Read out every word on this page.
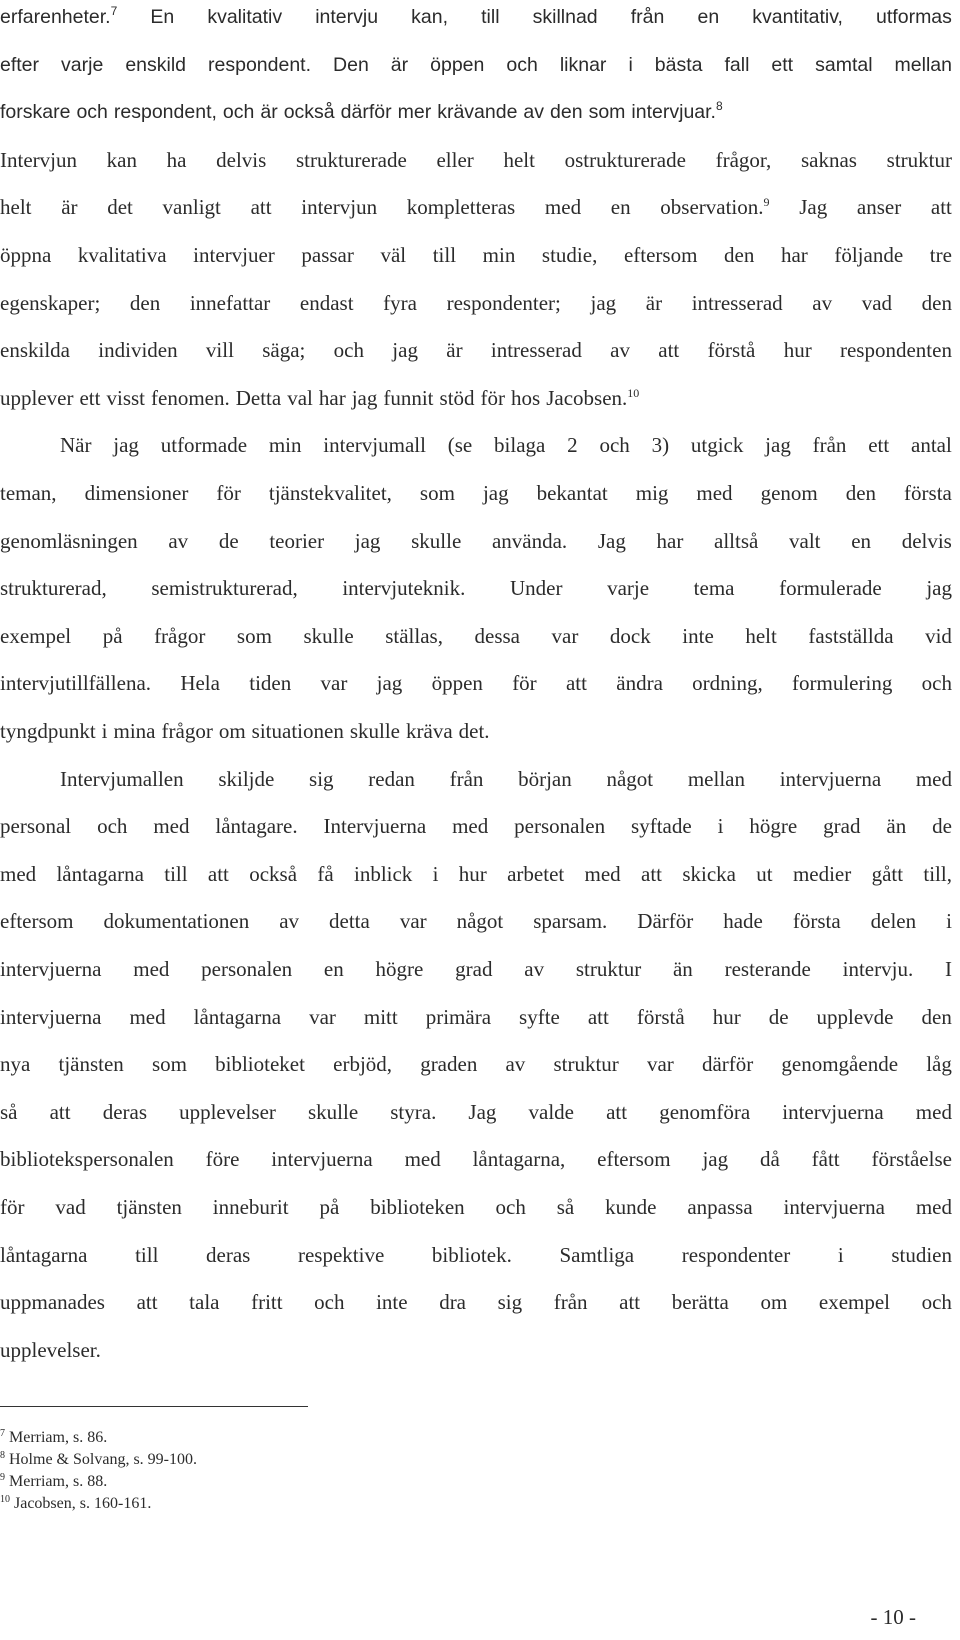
erfarenheter.$^7$ En kvalitativ intervju kan, till skillnad från en kvantitativ, utformas
efter varje enskild respondent. Den är öppen och liknar i bästa fall ett samtal mellan
forskare och respondent, och är också därför mer krävande av den som intervjuar.$^8$
Intervjun kan ha delvis strukturerade eller helt ostrukturerade frågor, saknas struktur
helt är det vanligt att intervjun kompletteras med en observation.$^9$ Jag anser att
öppna kvalitativa intervjuer passar väl till min studie, eftersom den har följande tre
egenskaper; den innefattar endast fyra respondenter; jag är intresserad av vad den
enskilda individen vill säga; och jag är intresserad av att förstå hur respondenten
upplever ett visst fenomen. Detta val har jag funnit stöd för hos Jacobsen.$^{10}$
När jag utformade min intervjumall (se bilaga 2 och 3) utgick jag från ett antal
teman, dimensioner för tjänstekvalitet, som jag bekantat mig med genom den första
genomläsningen av de teorier jag skulle använda. Jag har alltså valt en delvis
strukturerad, semistrukturerad, intervjuteknik. Under varje tema formulerade jag
exempel på frågor som skulle ställas, dessa var dock inte helt fastställda vid
intervjutillfällena. Hela tiden var jag öppen för att ändra ordning, formulering och
tyngdpunkt i mina frågor om situationen skulle kräva det.
Intervjumallen skiljde sig redan från början något mellan intervjuerna med
personal och med låntagare. Intervjuerna med personalen syftade i högre grad än de
med låntagarna till att också få inblick i hur arbetet med att skicka ut medier gått till,
eftersom dokumentationen av detta var något sparsam. Därför hade första delen i
intervjuerna med personalen en högre grad av struktur än resterande intervju. I
intervjuerna med låntagarna var mitt primära syfte att förstå hur de upplevde den
nya tjänsten som biblioteket erbjöd, graden av struktur var därför genomgående låg
så att deras upplevelser skulle styra. Jag valde att genomföra intervjuerna med
bibliotekspersonalen före intervjuerna med låntagarna, eftersom jag då fått förståelse
för vad tjänsten inneburit på biblioteken och så kunde anpassa intervjuerna med
låntagarna till deras respektive bibliotek. Samtliga respondenter i studien
uppmanades att tala fritt och inte dra sig från att berätta om exempel och
upplevelser.
$^7$ Merriam, s. 86.
$^8$ Holme & Solvang, s. 99-100.
$^9$ Merriam, s. 88.
$^{10}$ Jacobsen, s. 160-161.
- 10 -
